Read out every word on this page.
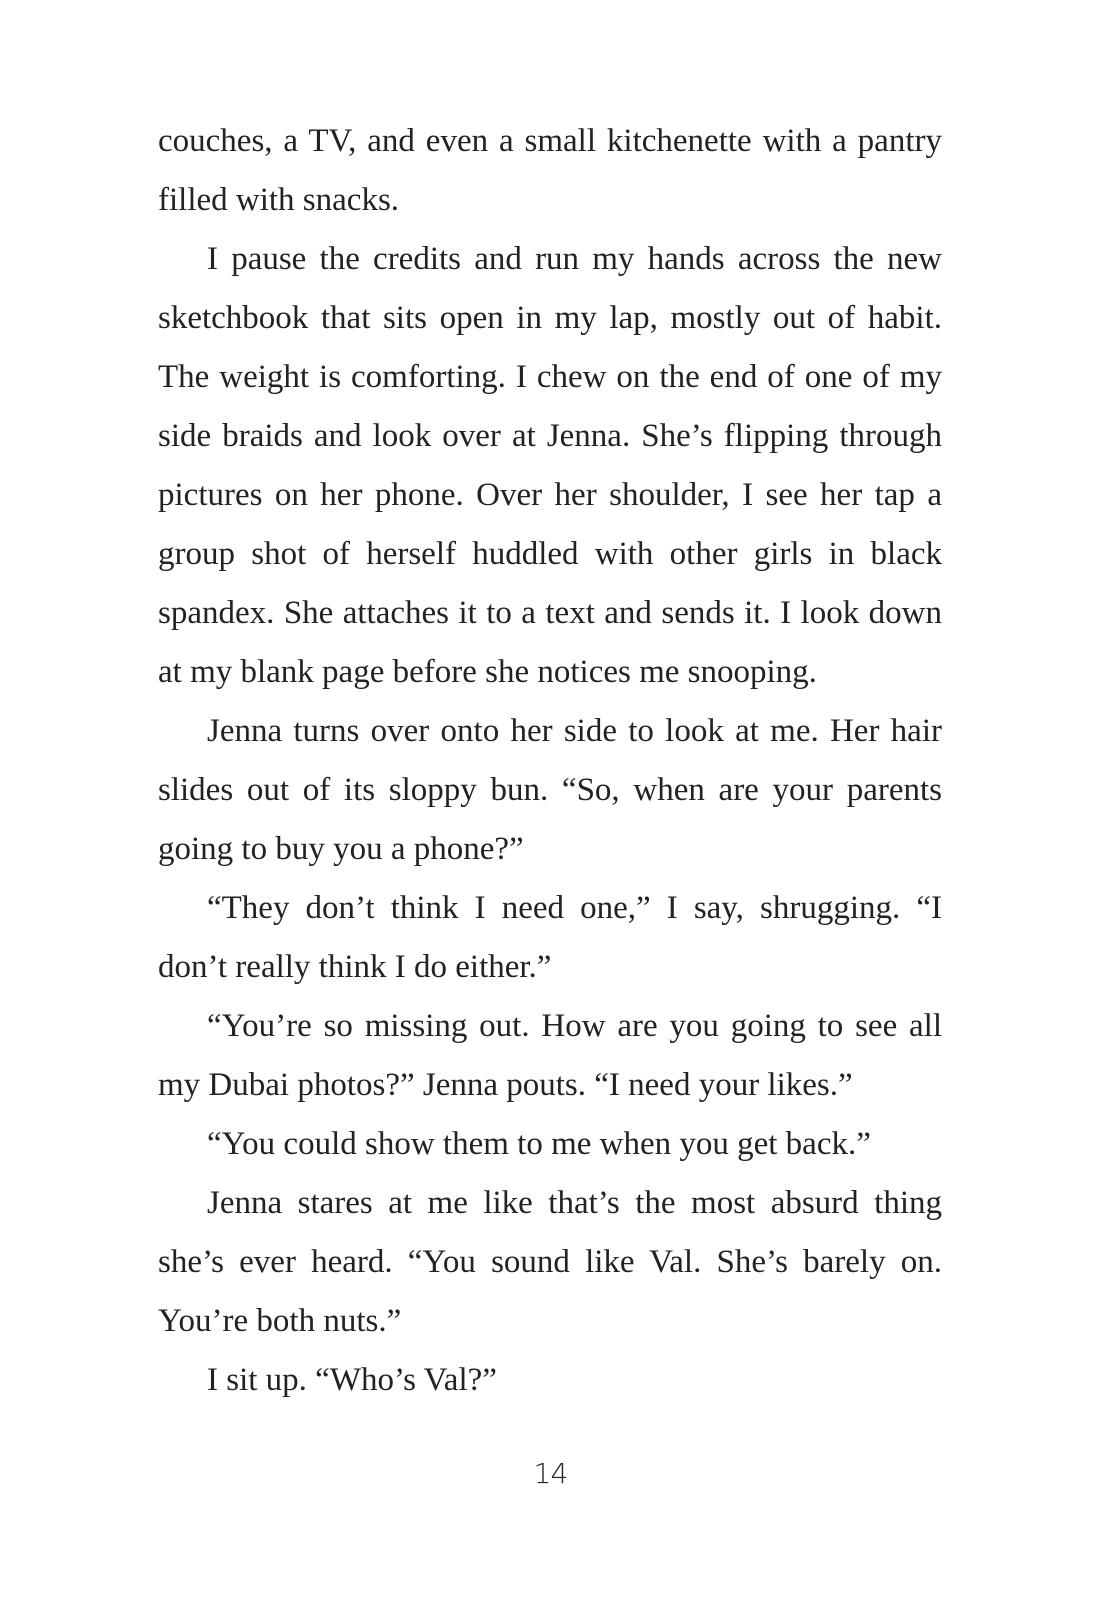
couches, a TV, and even a small kitchenette with a pantry filled with snacks.

I pause the credits and run my hands across the new sketchbook that sits open in my lap, mostly out of habit. The weight is comforting. I chew on the end of one of my side braids and look over at Jenna. She’s flipping through pictures on her phone. Over her shoulder, I see her tap a group shot of herself huddled with other girls in black spandex. She attaches it to a text and sends it. I look down at my blank page before she notices me snooping.

Jenna turns over onto her side to look at me. Her hair slides out of its sloppy bun. “So, when are your parents going to buy you a phone?”

“They don’t think I need one,” I say, shrugging. “I don’t really think I do either.”

“You’re so missing out. How are you going to see all my Dubai photos?” Jenna pouts. “I need your likes.”

“You could show them to me when you get back.”

Jenna stares at me like that’s the most absurd thing she’s ever heard. “You sound like Val. She’s barely on. You’re both nuts.”

I sit up. “Who’s Val?”

14
